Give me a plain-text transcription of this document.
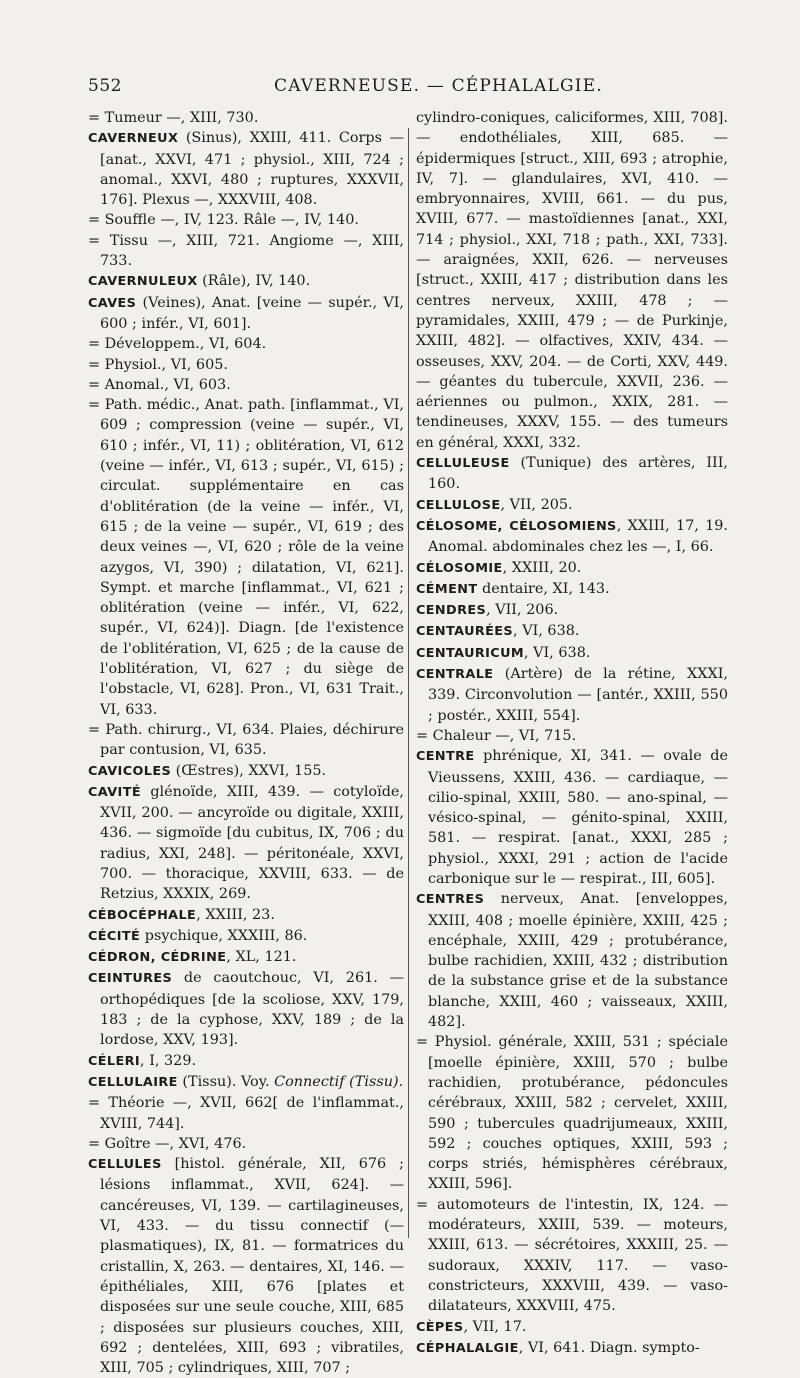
552	CAVERNEUSE. — CÉPHALALGIE.

= Tumeur —, XIII, 730.

CAVERNEUX (Sinus), XXIII, 411. Corps — [anat., XXVI, 471 ; physiol., XIII, 724 ; anomal., XXVI, 480 ; ruptures, XXXVII, 176]. Plexus —, XXXVIII, 408.

= Souffle —, IV, 123. Râle —, IV, 140.

= Tissu —, XIII, 721. Angiome —, XIII, 733.

CAVERNULEUX (Râle), IV, 140.

CAVES (Veines), Anat. [veine — supér., VI, 600 ; infér., VI, 601].

= Développem., VI, 604.

= Physiol., VI, 605.

= Anomal., VI, 603.

= Path. médic., Anat. path. [inflammat., VI, 609 ; compression (veine — supér., VI, 610 ; infér., VI, 11) ; oblitération, VI, 612 (veine — infér., VI, 613 ; supér., VI, 615) ; circulat. supplémentaire en cas d'oblitération (de la veine — infér., VI, 615 ; de la veine — supér., VI, 619 ; des deux veines —, VI, 620 ; rôle de la veine azygos, VI, 390) ; dilatation, VI, 621]. Sympt. et marche [inflammat., VI, 621 ; oblitération (veine — infér., VI, 622, supér., VI, 624)]. Diagn. [de l'existence de l'oblitération, VI, 625 ; de la cause de l'oblitération, VI, 627 ; du siège de l'obstacle, VI, 628]. Pron., VI, 631 Trait., VI, 633.

= Path. chirurg., VI, 634. Plaies, déchirure par contusion, VI, 635.

CAVICOLES (Œstres), XXVI, 155.

CAVITÉ glénoïde, XIII, 439. — cotyloïde, XVII, 200. — ancyroïde ou digitale, XXIII, 436. — sigmoïde [du cubitus, IX, 706 ; du radius, XXI, 248]. — péritonéale, XXVI, 700. — thoracique, XXVIII, 633. — de Retzius, XXXIX, 269.

CÉBOCÉPHALE, XXIII, 23.

CÉCITÉ psychique, XXXIII, 86.

CÉDRON, CÉDRINE, XL, 121.

CEINTURES de caoutchouc, VI, 261. — orthopédiques [de la scoliose, XXV, 179, 183 ; de la cyphose, XXV, 189 ; de la lordose, XXV, 193].

CÉLERI, I, 329.

CELLULAIRE (Tissu). Voy. Connectif (Tissu).

= Théorie —, XVII, 662[ de l'inflammat., XVIII, 744].

= Goître —, XVI, 476.

CELLULES [histol. générale, XII, 676 ; lésions inflammat., XVII, 624]. — cancéreuses, VI, 139. — cartilagineuses, VI, 433. — du tissu connectif (— plasmatiques), IX, 81. — formatrices du cristallin, X, 263. — dentaires, XI, 146. — épithéliales, XIII, 676 [plates et disposées sur une seule couche, XIII, 685 ; disposées sur plusieurs couches, XIII, 692 ; dentelées, XIII, 693 ; vibratiles, XIII, 705 ; cylindriques, XIII, 707 ;

cylindro-coniques, caliciformes, XIII, 708]. — endothéliales, XIII, 685. — épidermiques [struct., XIII, 693 ; atrophie, IV, 7]. — glandulaires, XVI, 410. — embryonnaires, XVIII, 661. — du pus, XVIII, 677. — mastoïdiennes [anat., XXI, 714 ; physiol., XXI, 718 ; path., XXI, 733]. — araignées, XXII, 626. — nerveuses [struct., XXIII, 417 ; distribution dans les centres nerveux, XXIII, 478 ; — pyramidales, XXIII, 479 ; — de Purkinje, XXIII, 482]. — olfactives, XXIV, 434. — osseuses, XXV, 204. — de Corti, XXV, 449. — géantes du tubercule, XXVII, 236. — aériennes ou pulmon., XXIX, 281. — tendineuses, XXXV, 155. — des tumeurs en général, XXXI, 332.

CELLULEUSE (Tunique) des artères, III, 160.

CELLULOSE, VII, 205.

CÉLOSOME, CÉLOSOMIENS, XXIII, 17, 19. Anomal. abdominales chez les —, I, 66.

CÉLOSOMIE, XXIII, 20.

CÉMENT dentaire, XI, 143.

CENDRES, VII, 206.

CENTAURÉES, VI, 638.

CENTAURICUM, VI, 638.

CENTRALE (Artère) de la rétine, XXXI, 339. Circonvolution — [antér., XXIII, 550 ; postér., XXIII, 554].

= Chaleur —, VI, 715.

CENTRE phrénique, XI, 341. — ovale de Vieussens, XXIII, 436. — cardiaque, — cilio-spinal, XXIII, 580. — ano-spinal, — vésico-spinal, — génito-spinal, XXIII, 581. — respirat. [anat., XXXI, 285 ; physiol., XXXI, 291 ; action de l'acide carbonique sur le — respirat., III, 605].

CENTRES nerveux, Anat. [enveloppes, XXIII, 408 ; moelle épinière, XXIII, 425 ; encéphale, XXIII, 429 ; protubérance, bulbe rachidien, XXIII, 432 ; distribution de la substance grise et de la substance blanche, XXIII, 460 ; vaisseaux, XXIII, 482].

= Physiol. générale, XXIII, 531 ; spéciale [moelle épinière, XXIII, 570 ; bulbe rachidien, protubérance, pédoncules cérébraux, XXIII, 582 ; cervelet, XXIII, 590 ; tubercules quadrijumeaux, XXIII, 592 ; couches optiques, XXIII, 593 ; corps striés, hémisphères cérébraux, XXIII, 596].

= automoteurs de l'intestin, IX, 124. — modérateurs, XXIII, 539. — moteurs, XXIII, 613. — sécrétoires, XXXIII, 25. — sudoraux, XXXIV, 117. — vaso-constricteurs, XXXVIII, 439. — vaso-dilatateurs, XXXVIII, 475.

CÈPES, VII, 17.

CÉPHALALGIE, VI, 641. Diagn. sympto-
